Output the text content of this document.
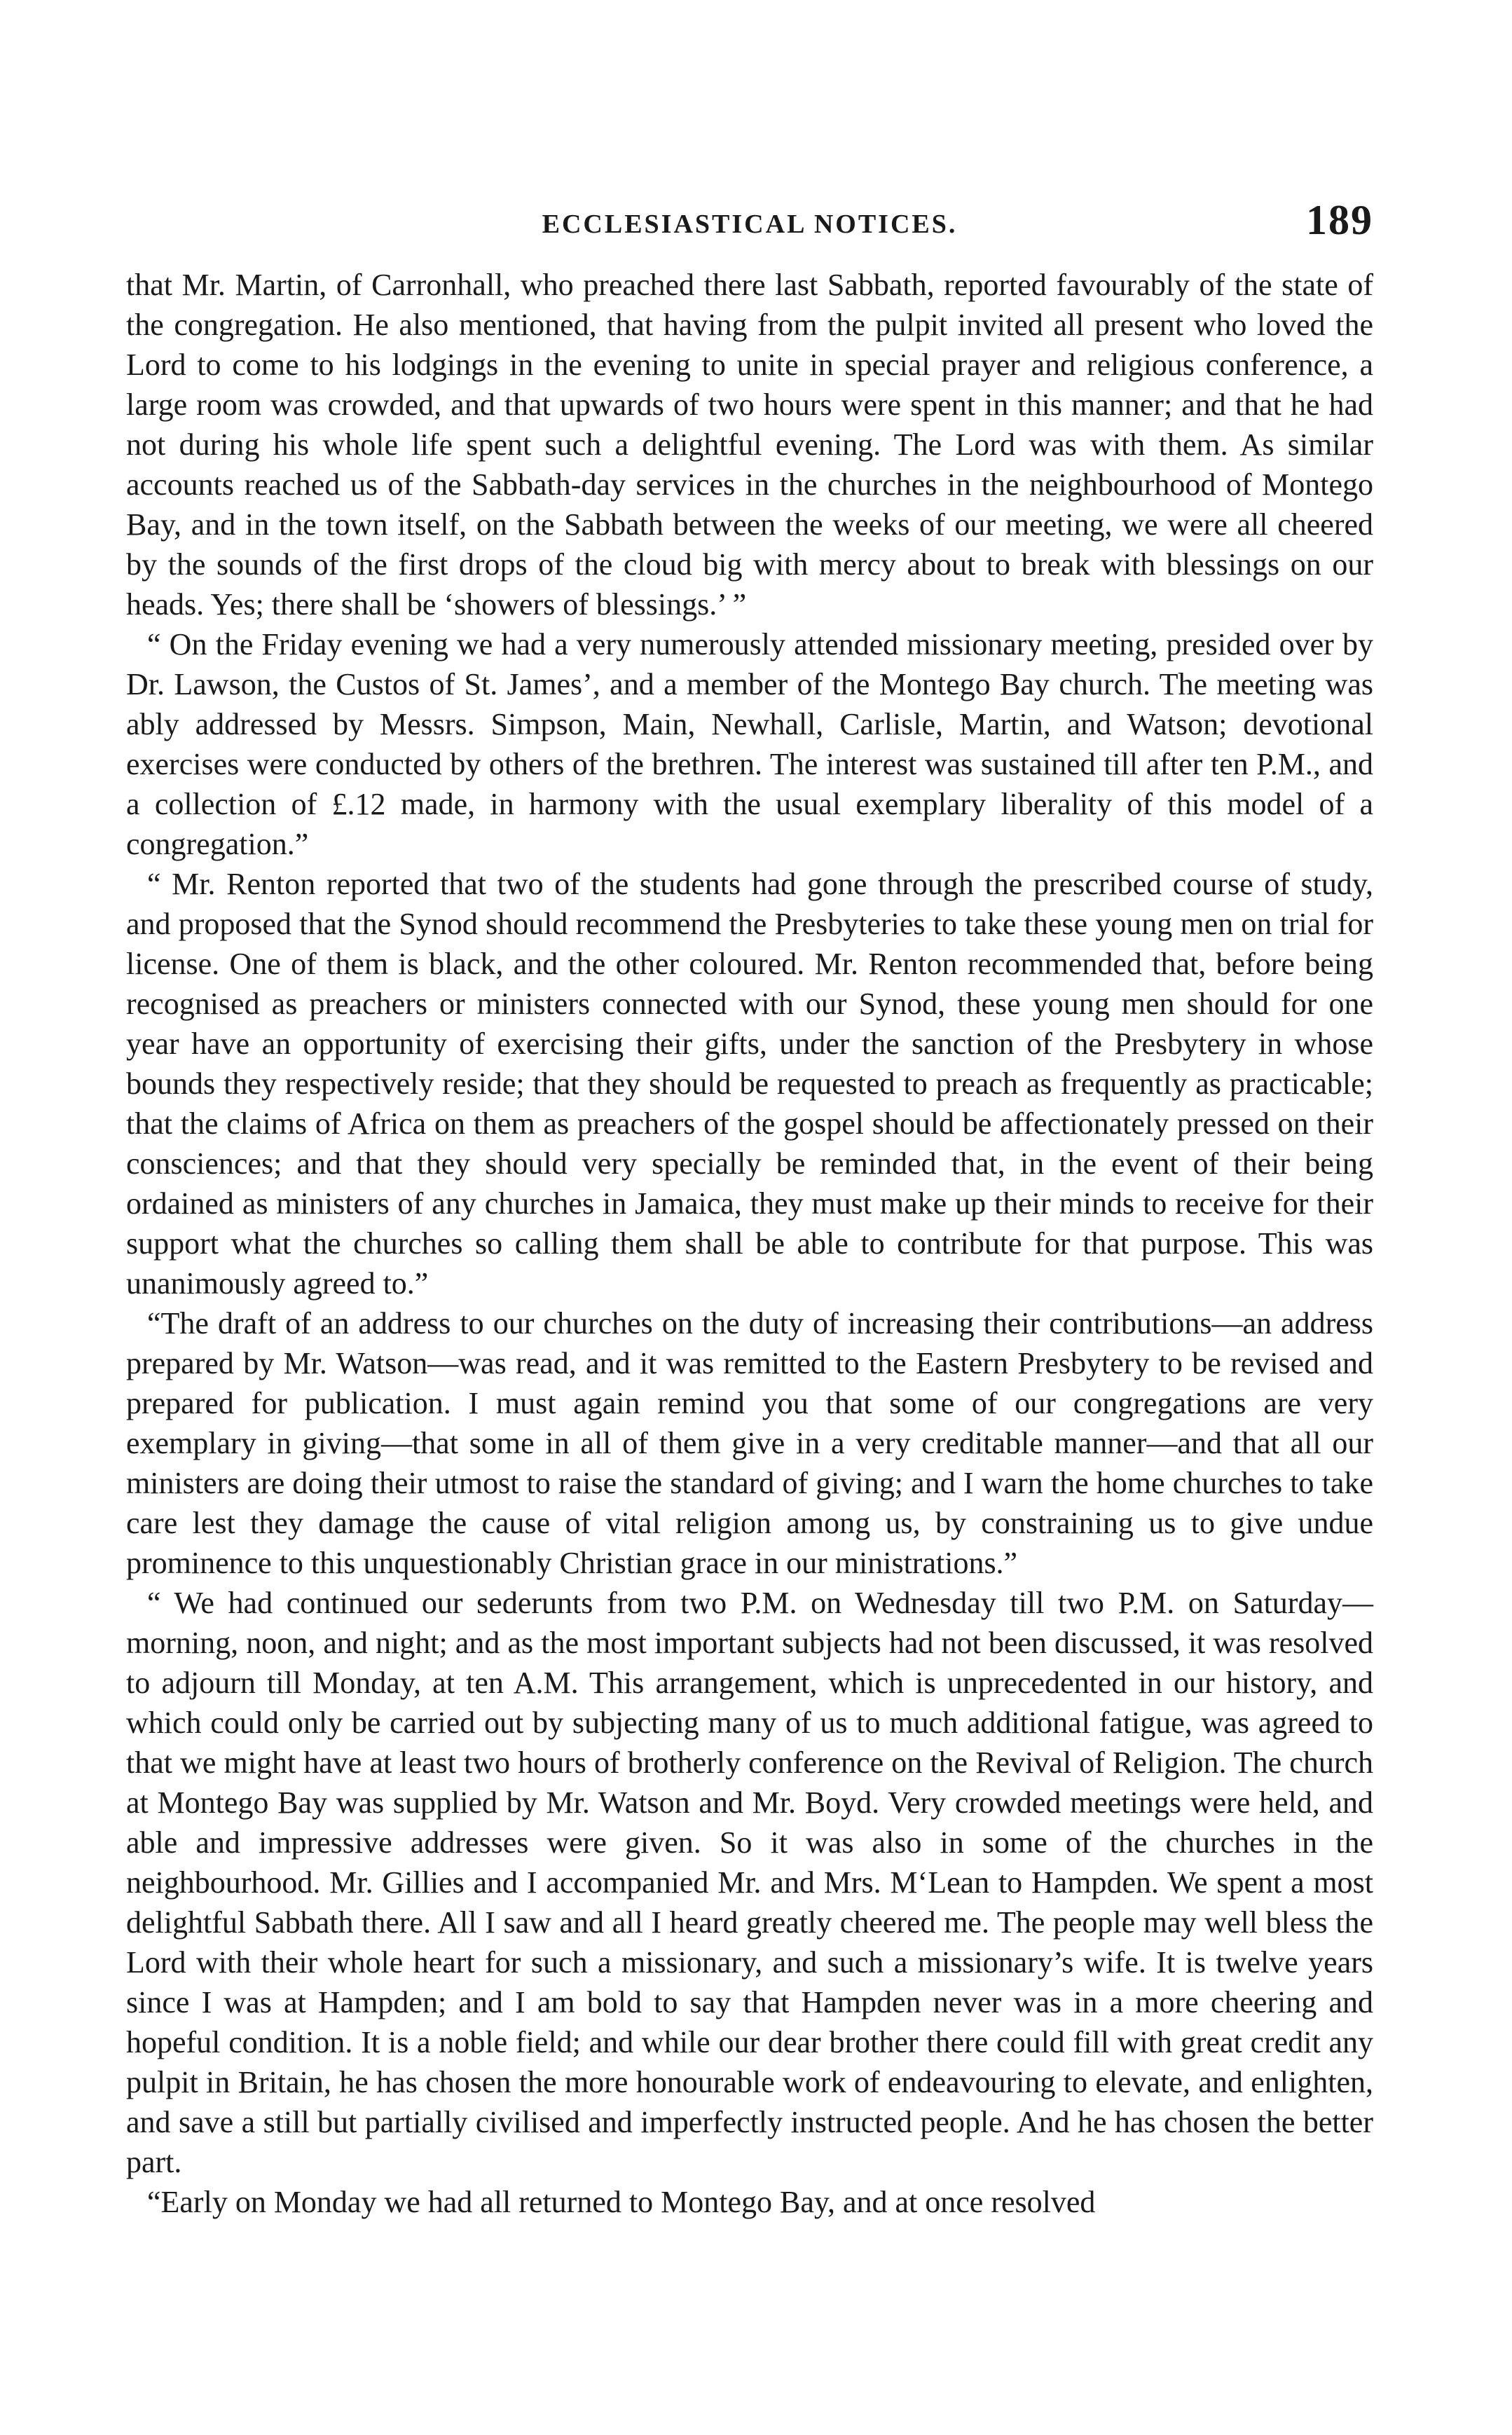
ECCLESIASTICAL NOTICES.	189

that Mr. Martin, of Carronhall, who preached there last Sabbath, reported favourably of the state of the congregation. He also mentioned, that having from the pulpit invited all present who loved the Lord to come to his lodgings in the evening to unite in special prayer and religious conference, a large room was crowded, and that upwards of two hours were spent in this manner; and that he had not during his whole life spent such a delightful evening. The Lord was with them. As similar accounts reached us of the Sabbath-day services in the churches in the neighbourhood of Montego Bay, and in the town itself, on the Sabbath between the weeks of our meeting, we were all cheered by the sounds of the first drops of the cloud big with mercy about to break with blessings on our heads. Yes; there shall be ‘showers of blessings.’ ”

“ On the Friday evening we had a very numerously attended missionary meeting, presided over by Dr. Lawson, the Custos of St. James’, and a member of the Montego Bay church. The meeting was ably addressed by Messrs. Simpson, Main, Newhall, Carlisle, Martin, and Watson; devotional exercises were conducted by others of the brethren. The interest was sustained till after ten P.M., and a collection of £.12 made, in harmony with the usual exemplary liberality of this model of a congregation.”

“ Mr. Renton reported that two of the students had gone through the prescribed course of study, and proposed that the Synod should recommend the Presbyteries to take these young men on trial for license. One of them is black, and the other coloured. Mr. Renton recommended that, before being recognised as preachers or ministers connected with our Synod, these young men should for one year have an opportunity of exercising their gifts, under the sanction of the Presbytery in whose bounds they respectively reside; that they should be requested to preach as frequently as practicable; that the claims of Africa on them as preachers of the gospel should be affectionately pressed on their consciences; and that they should very specially be reminded that, in the event of their being ordained as ministers of any churches in Jamaica, they must make up their minds to receive for their support what the churches so calling them shall be able to contribute for that purpose. This was unanimously agreed to.”

“The draft of an address to our churches on the duty of increasing their contributions—an address prepared by Mr. Watson—was read, and it was remitted to the Eastern Presbytery to be revised and prepared for publication. I must again remind you that some of our congregations are very exemplary in giving—that some in all of them give in a very creditable manner—and that all our ministers are doing their utmost to raise the standard of giving; and I warn the home churches to take care lest they damage the cause of vital religion among us, by constraining us to give undue prominence to this unquestionably Christian grace in our ministrations.”

“ We had continued our sederunts from two P.M. on Wednesday till two P.M. on Saturday—morning, noon, and night; and as the most important subjects had not been discussed, it was resolved to adjourn till Monday, at ten A.M. This arrangement, which is unprecedented in our history, and which could only be carried out by subjecting many of us to much additional fatigue, was agreed to that we might have at least two hours of brotherly conference on the Revival of Religion. The church at Montego Bay was supplied by Mr. Watson and Mr. Boyd. Very crowded meetings were held, and able and impressive addresses were given. So it was also in some of the churches in the neighbourhood. Mr. Gillies and I accompanied Mr. and Mrs. M‘Lean to Hampden. We spent a most delightful Sabbath there. All I saw and all I heard greatly cheered me. The people may well bless the Lord with their whole heart for such a missionary, and such a missionary’s wife. It is twelve years since I was at Hampden; and I am bold to say that Hampden never was in a more cheering and hopeful condition. It is a noble field; and while our dear brother there could fill with great credit any pulpit in Britain, he has chosen the more honourable work of endeavouring to elevate, and enlighten, and save a still but partially civilised and imperfectly instructed people. And he has chosen the better part.

“Early on Monday we had all returned to Montego Bay, and at once resolved
